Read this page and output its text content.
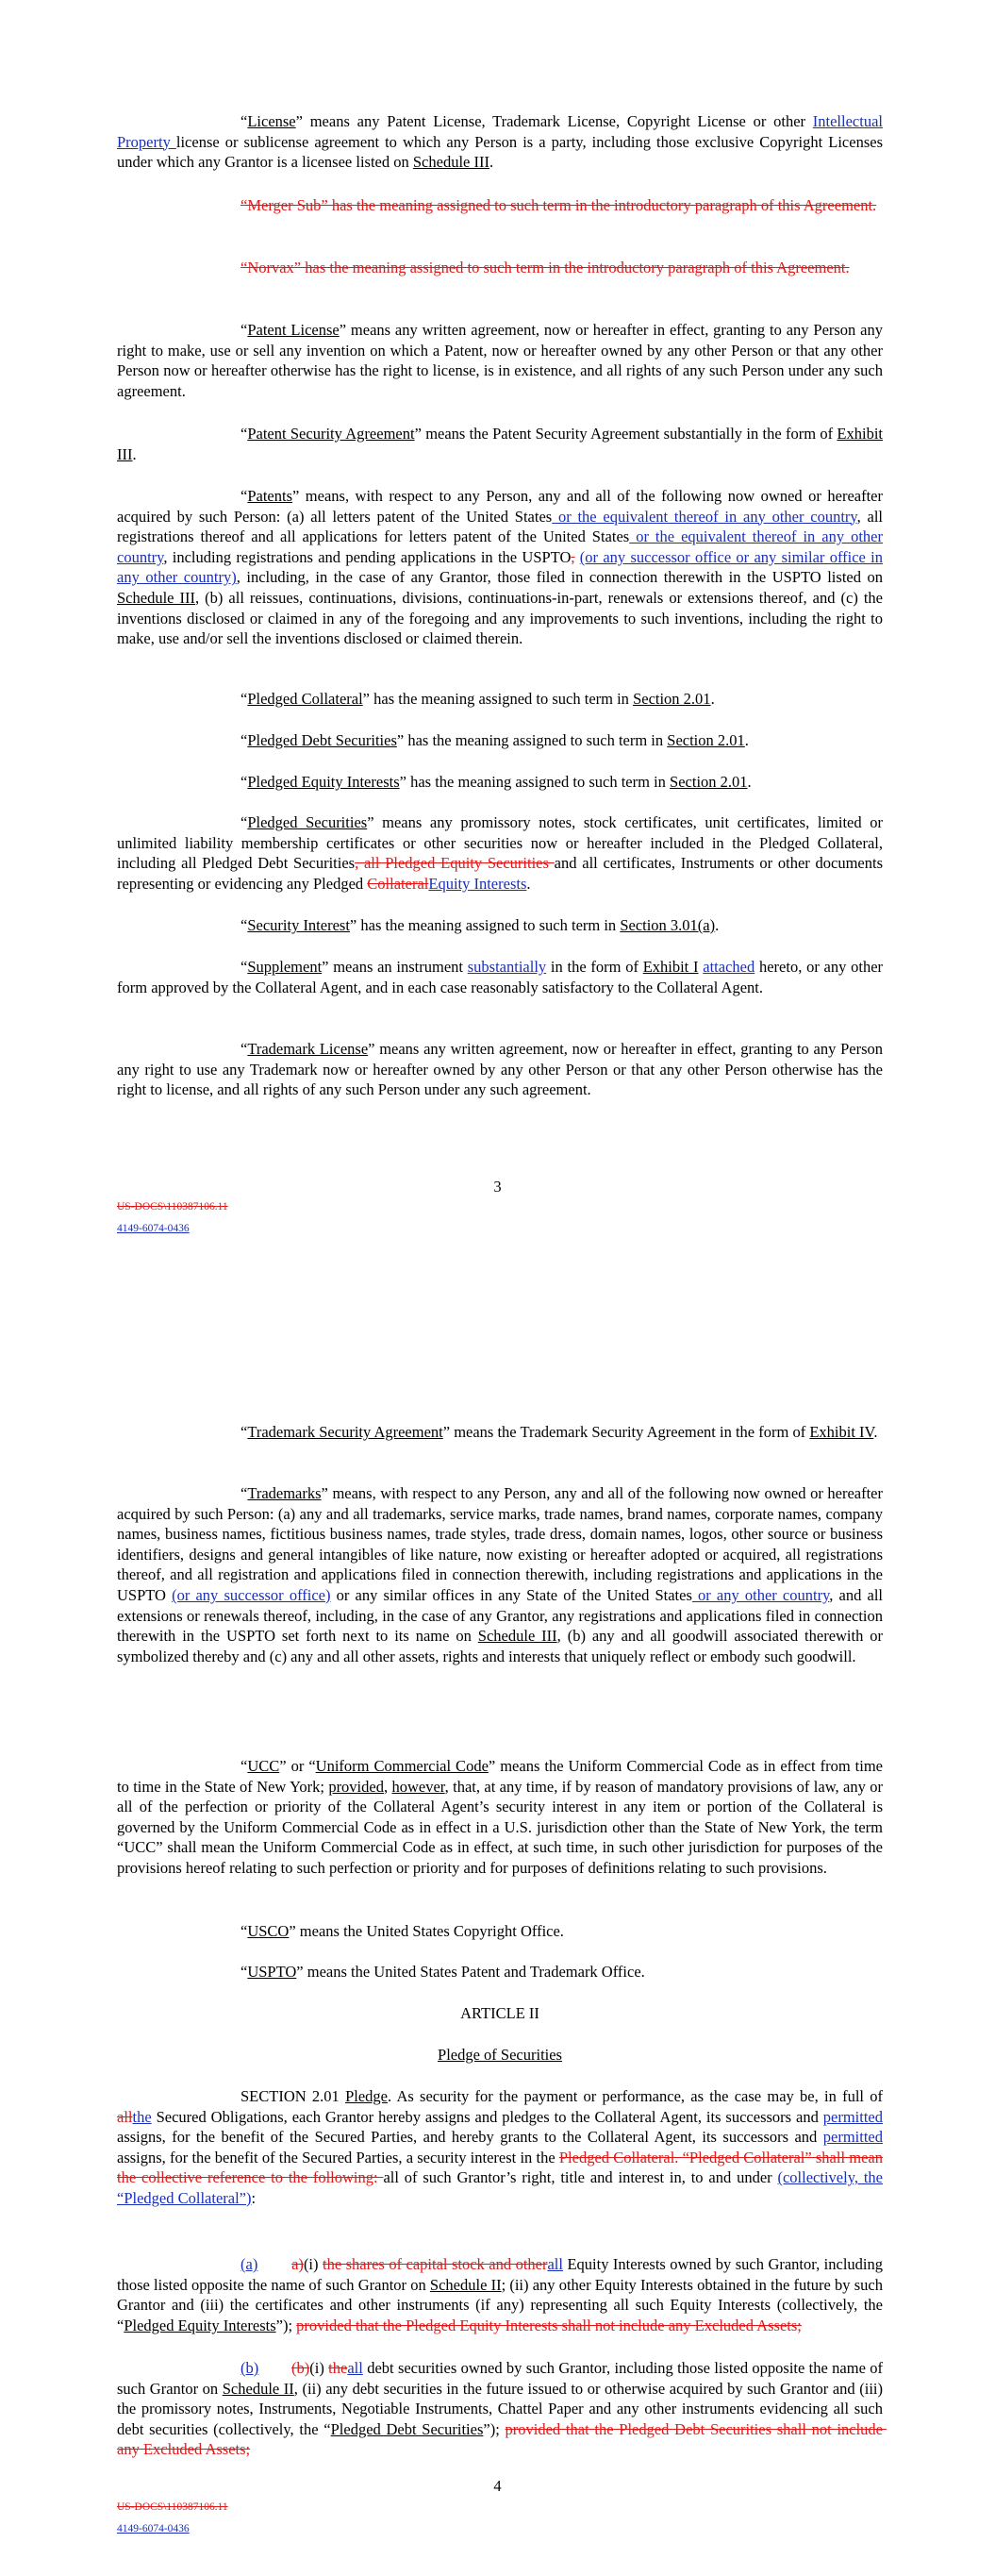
“License” means any Patent License, Trademark License, Copyright License or other Intellectual Property license or sublicense agreement to which any Person is a party, including those exclusive Copyright Licenses under which any Grantor is a licensee listed on Schedule III.

“Merger Sub” has the meaning assigned to such term in the introductory paragraph of this Agreement.

“Norvax” has the meaning assigned to such term in the introductory paragraph of this Agreement.

“Patent License” means any written agreement, now or hereafter in effect, granting to any Person any right to make, use or sell any invention on which a Patent, now or hereafter owned by any other Person or that any other Person now or hereafter otherwise has the right to license, is in existence, and all rights of any such Person under any such agreement.

“Patent Security Agreement” means the Patent Security Agreement substantially in the form of Exhibit III.

“Patents” means, with respect to any Person, any and all of the following now owned or hereafter acquired by such Person: (a) all letters patent of the United States or the equivalent thereof in any other country, all registrations thereof and all applications for letters patent of the United States or the equivalent thereof in any other country, including registrations and pending applications in the USPTO, (or any successor office or any similar office in any other country), including, in the case of any Grantor, those filed in connection therewith in the USPTO listed on Schedule III, (b) all reissues, continuations, divisions, continuations-in-part, renewals or extensions thereof, and (c) the inventions disclosed or claimed in any of the foregoing and any improvements to such inventions, including the right to make, use and/or sell the inventions disclosed or claimed therein.

“Pledged Collateral” has the meaning assigned to such term in Section 2.01.

“Pledged Debt Securities” has the meaning assigned to such term in Section 2.01.

“Pledged Equity Interests” has the meaning assigned to such term in Section 2.01.

“Pledged Securities” means any promissory notes, stock certificates, unit certificates, limited or unlimited liability membership certificates or other securities now or hereafter included in the Pledged Collateral, including all Pledged Debt Securities, all Pledged Equity Securities and all certificates, Instruments or other documents representing or evidencing any Pledged CollateralEquity Interests.

“Security Interest” has the meaning assigned to such term in Section 3.01(a).

“Supplement” means an instrument substantially in the form of Exhibit I attached hereto, or any other form approved by the Collateral Agent, and in each case reasonably satisfactory to the Collateral Agent.

“Trademark License” means any written agreement, now or hereafter in effect, granting to any Person any right to use any Trademark now or hereafter owned by any other Person or that any other Person otherwise has the right to license, and all rights of any such Person under any such agreement.

3
US-DOCS\110387106.11
4149-6074-0436

“Trademark Security Agreement” means the Trademark Security Agreement in the form of Exhibit IV.

“Trademarks” means, with respect to any Person, any and all of the following now owned or hereafter acquired by such Person: (a) any and all trademarks, service marks, trade names, brand names, corporate names, company names, business names, fictitious business names, trade styles, trade dress, domain names, logos, other source or business identifiers, designs and general intangibles of like nature, now existing or hereafter adopted or acquired, all registrations thereof, and all registration and applications filed in connection therewith, including registrations and applications in the USPTO (or any successor office) or any similar offices in any State of the United States or any other country, and all extensions or renewals thereof, including, in the case of any Grantor, any registrations and applications filed in connection therewith in the USPTO set forth next to its name on Schedule III, (b) any and all goodwill associated therewith or symbolized thereby and (c) any and all other assets, rights and interests that uniquely reflect or embody such goodwill.

“UCC” or “Uniform Commercial Code” means the Uniform Commercial Code as in effect from time to time in the State of New York; provided, however, that, at any time, if by reason of mandatory provisions of law, any or all of the perfection or priority of the Collateral Agent’s security interest in any item or portion of the Collateral is governed by the Uniform Commercial Code as in effect in a U.S. jurisdiction other than the State of New York, the term “UCC” shall mean the Uniform Commercial Code as in effect, at such time, in such other jurisdiction for purposes of the provisions hereof relating to such perfection or priority and for purposes of definitions relating to such provisions.

“USCO” means the United States Copyright Office.

“USPTO” means the United States Patent and Trademark Office.

ARTICLE II

Pledge of Securities

SECTION 2.01 Pledge. As security for the payment or performance, as the case may be, in full of allthe Secured Obligations, each Grantor hereby assigns and pledges to the Collateral Agent, its successors and permitted assigns, for the benefit of the Secured Parties, and hereby grants to the Collateral Agent, its successors and permitted assigns, for the benefit of the Secured Parties, a security interest in the Pledged Collateral. “Pledged Collateral” shall mean the collective reference to the following: all of such Grantor’s right, title and interest in, to and under (collectively, the “Pledged Collateral”):

(a) a)(i) the shares of capital stock and otherall Equity Interests owned by such Grantor, including those listed opposite the name of such Grantor on Schedule II; (ii) any other Equity Interests obtained in the future by such Grantor and (iii) the certificates and other instruments (if any) representing all such Equity Interests (collectively, the “Pledged Equity Interests”); provided that the Pledged Equity Interests shall not include any Excluded Assets;

(b) (b)(i) theall debt securities owned by such Grantor, including those listed opposite the name of such Grantor on Schedule II, (ii) any debt securities in the future issued to or otherwise acquired by such Grantor and (iii) the promissory notes, Instruments, Negotiable Instruments, Chattel Paper and any other instruments evidencing all such debt securities (collectively, the “Pledged Debt Securities”); provided that the Pledged Debt Securities shall not include any Excluded Assets;

4
US-DOCS\110387106.11
4149-6074-0436
